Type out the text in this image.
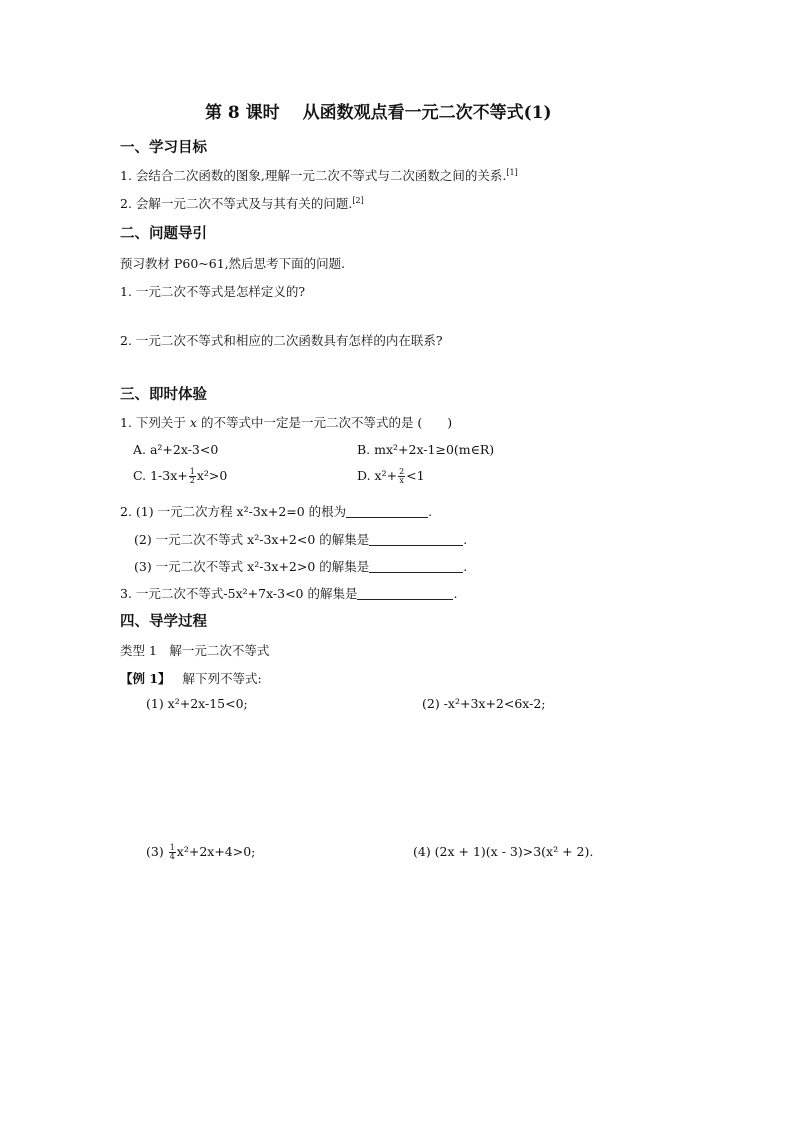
第 8 课时　 从函数观点看一元二次不等式(1)
一、学习目标
1. 会结合二次函数的图象,理解一元二次不等式与二次函数之间的关系.[1]
2. 会解一元二次不等式及与其有关的问题.[2]
二、问题导引
预习教材 P60~61,然后思考下面的问题.
1. 一元二次不等式是怎样定义的?
2. 一元二次不等式和相应的二次函数具有怎样的内在联系?
三、即时体验
1. 下列关于 x 的不等式中一定是一元二次不等式的是 (　　)
A. a²+2x-3<0	B. mx²+2x-1≥0(m∈R)
C. $1-3x+ \frac{1}{2} x^2>0$	D. $x^2+ \frac{2}{x} <1$
2. (1) 一元二次方程 x²-3x+2=0 的根为	.
(2) 一元二次不等式 x²-3x+2<0 的解集是	.
(3) 一元二次不等式 x²-3x+2>0 的解集是	.
3. 一元二次不等式-5x²+7x-3<0 的解集是	.
四、导学过程
类型 1　解一元二次不等式
【例 1】 解下列不等式:
(1) x²+2x-15<0;	(2) -x²+3x+2<6x-2;
$(3) \frac{1}{4} x^2+2x+4>0$;	(4) (2x + 1)(x - 3)>3(x² + 2).
